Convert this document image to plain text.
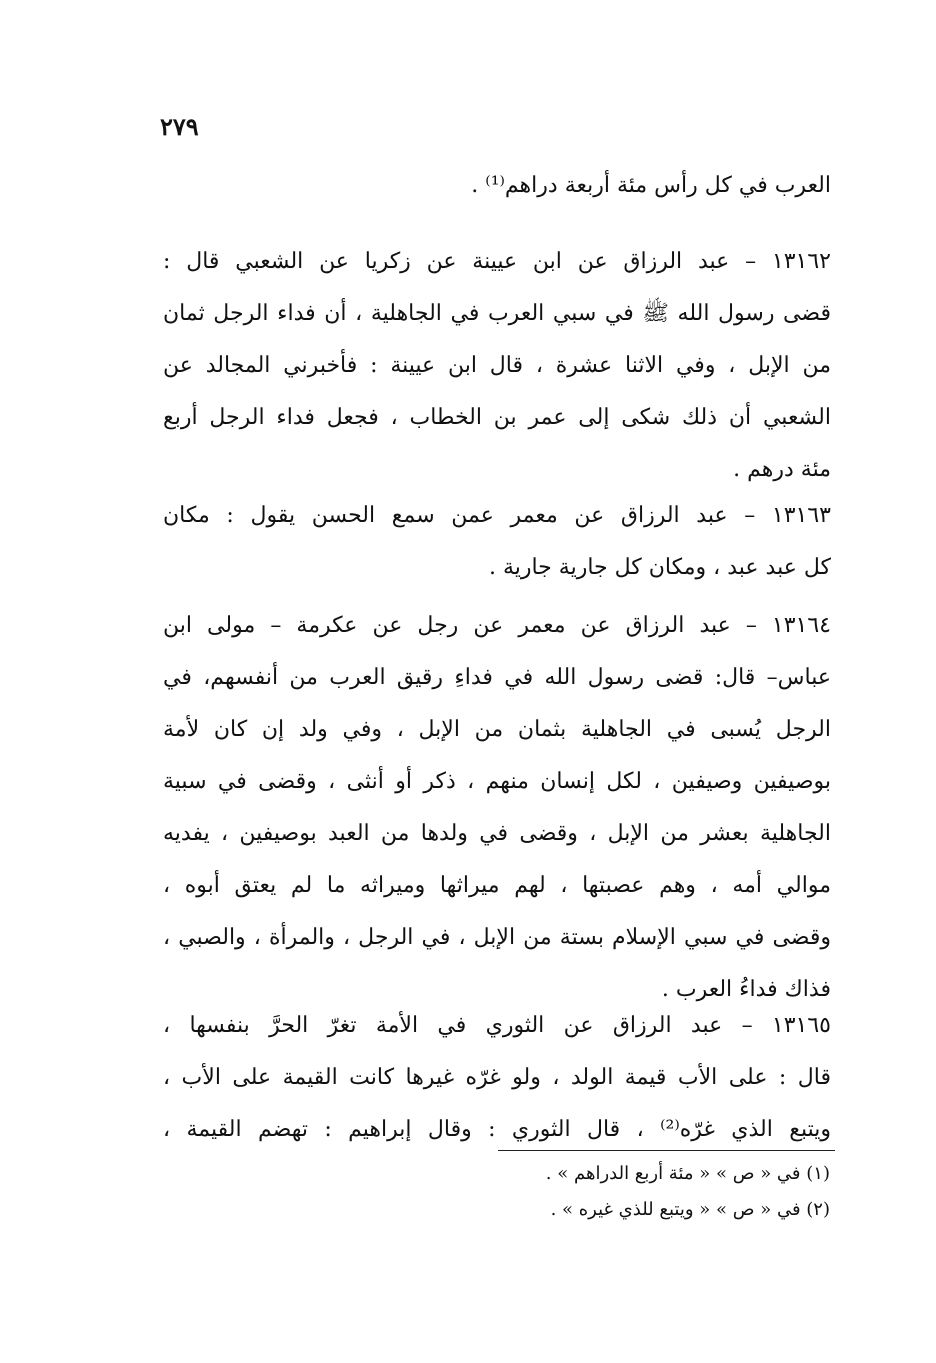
٢٧٩
العرب في كل رأس مئة أربعة دراهم⁽¹⁾ .
١٣١٦٢ – عبد الرزاق عن ابن عيينة عن زكريا عن الشعبي قال :
قضى رسول الله ﷺ في سبي العرب في الجاهلية ، أن فداء الرجل ثمان
من الإبل ، وفي الاثنا عشرة ، قال ابن عيينة : فأخبرني المجالد عن
الشعبي أن ذلك شكى إلى عمر بن الخطاب ، فجعل فداء الرجل أربع
مئة درهم .
١٣١٦٣ – عبد الرزاق عن معمر عمن سمع الحسن يقول : مكان
كل عبد عبد ، ومكان كل جارية جارية .
١٣١٦٤ – عبد الرزاق عن معمر عن رجل عن عكرمة – مولى ابن
عباس– قال: قضى رسول الله في فداءِ رقيق العرب من أنفسهم، في
الرجل يُسبى في الجاهلية بثمان من الإبل ، وفي ولد إن كان لأمة
بوصيفين وصيفين ، لكل إنسان منهم ، ذكر أو أنثى ، وقضى في سبية
الجاهلية بعشر من الإبل ، وقضى في ولدها من العبد بوصيفين ، يفديه
موالي أمه ، وهم عصبتها ، لهم ميراثها وميراثه ما لم يعتق أبوه ،
وقضى في سبي الإسلام بستة من الإبل ، في الرجل ، والمرأة ، والصبي ،
فذاك فداءُ العرب .
١٣١٦٥ – عبد الرزاق عن الثوري في الأمة تغرّ الحرَّ بنفسها ،
قال : على الأب قيمة الولد ، ولو غرّه غيرها كانت القيمة على الأب ،
ويتبع الذي غرّه⁽²⁾ ، قال الثوري : وقال إبراهيم : تهضم القيمة ،
(١) في « ص » « مئة أربع الدراهم » .
(٢) في « ص » « ويتبع للذي غيره » .
